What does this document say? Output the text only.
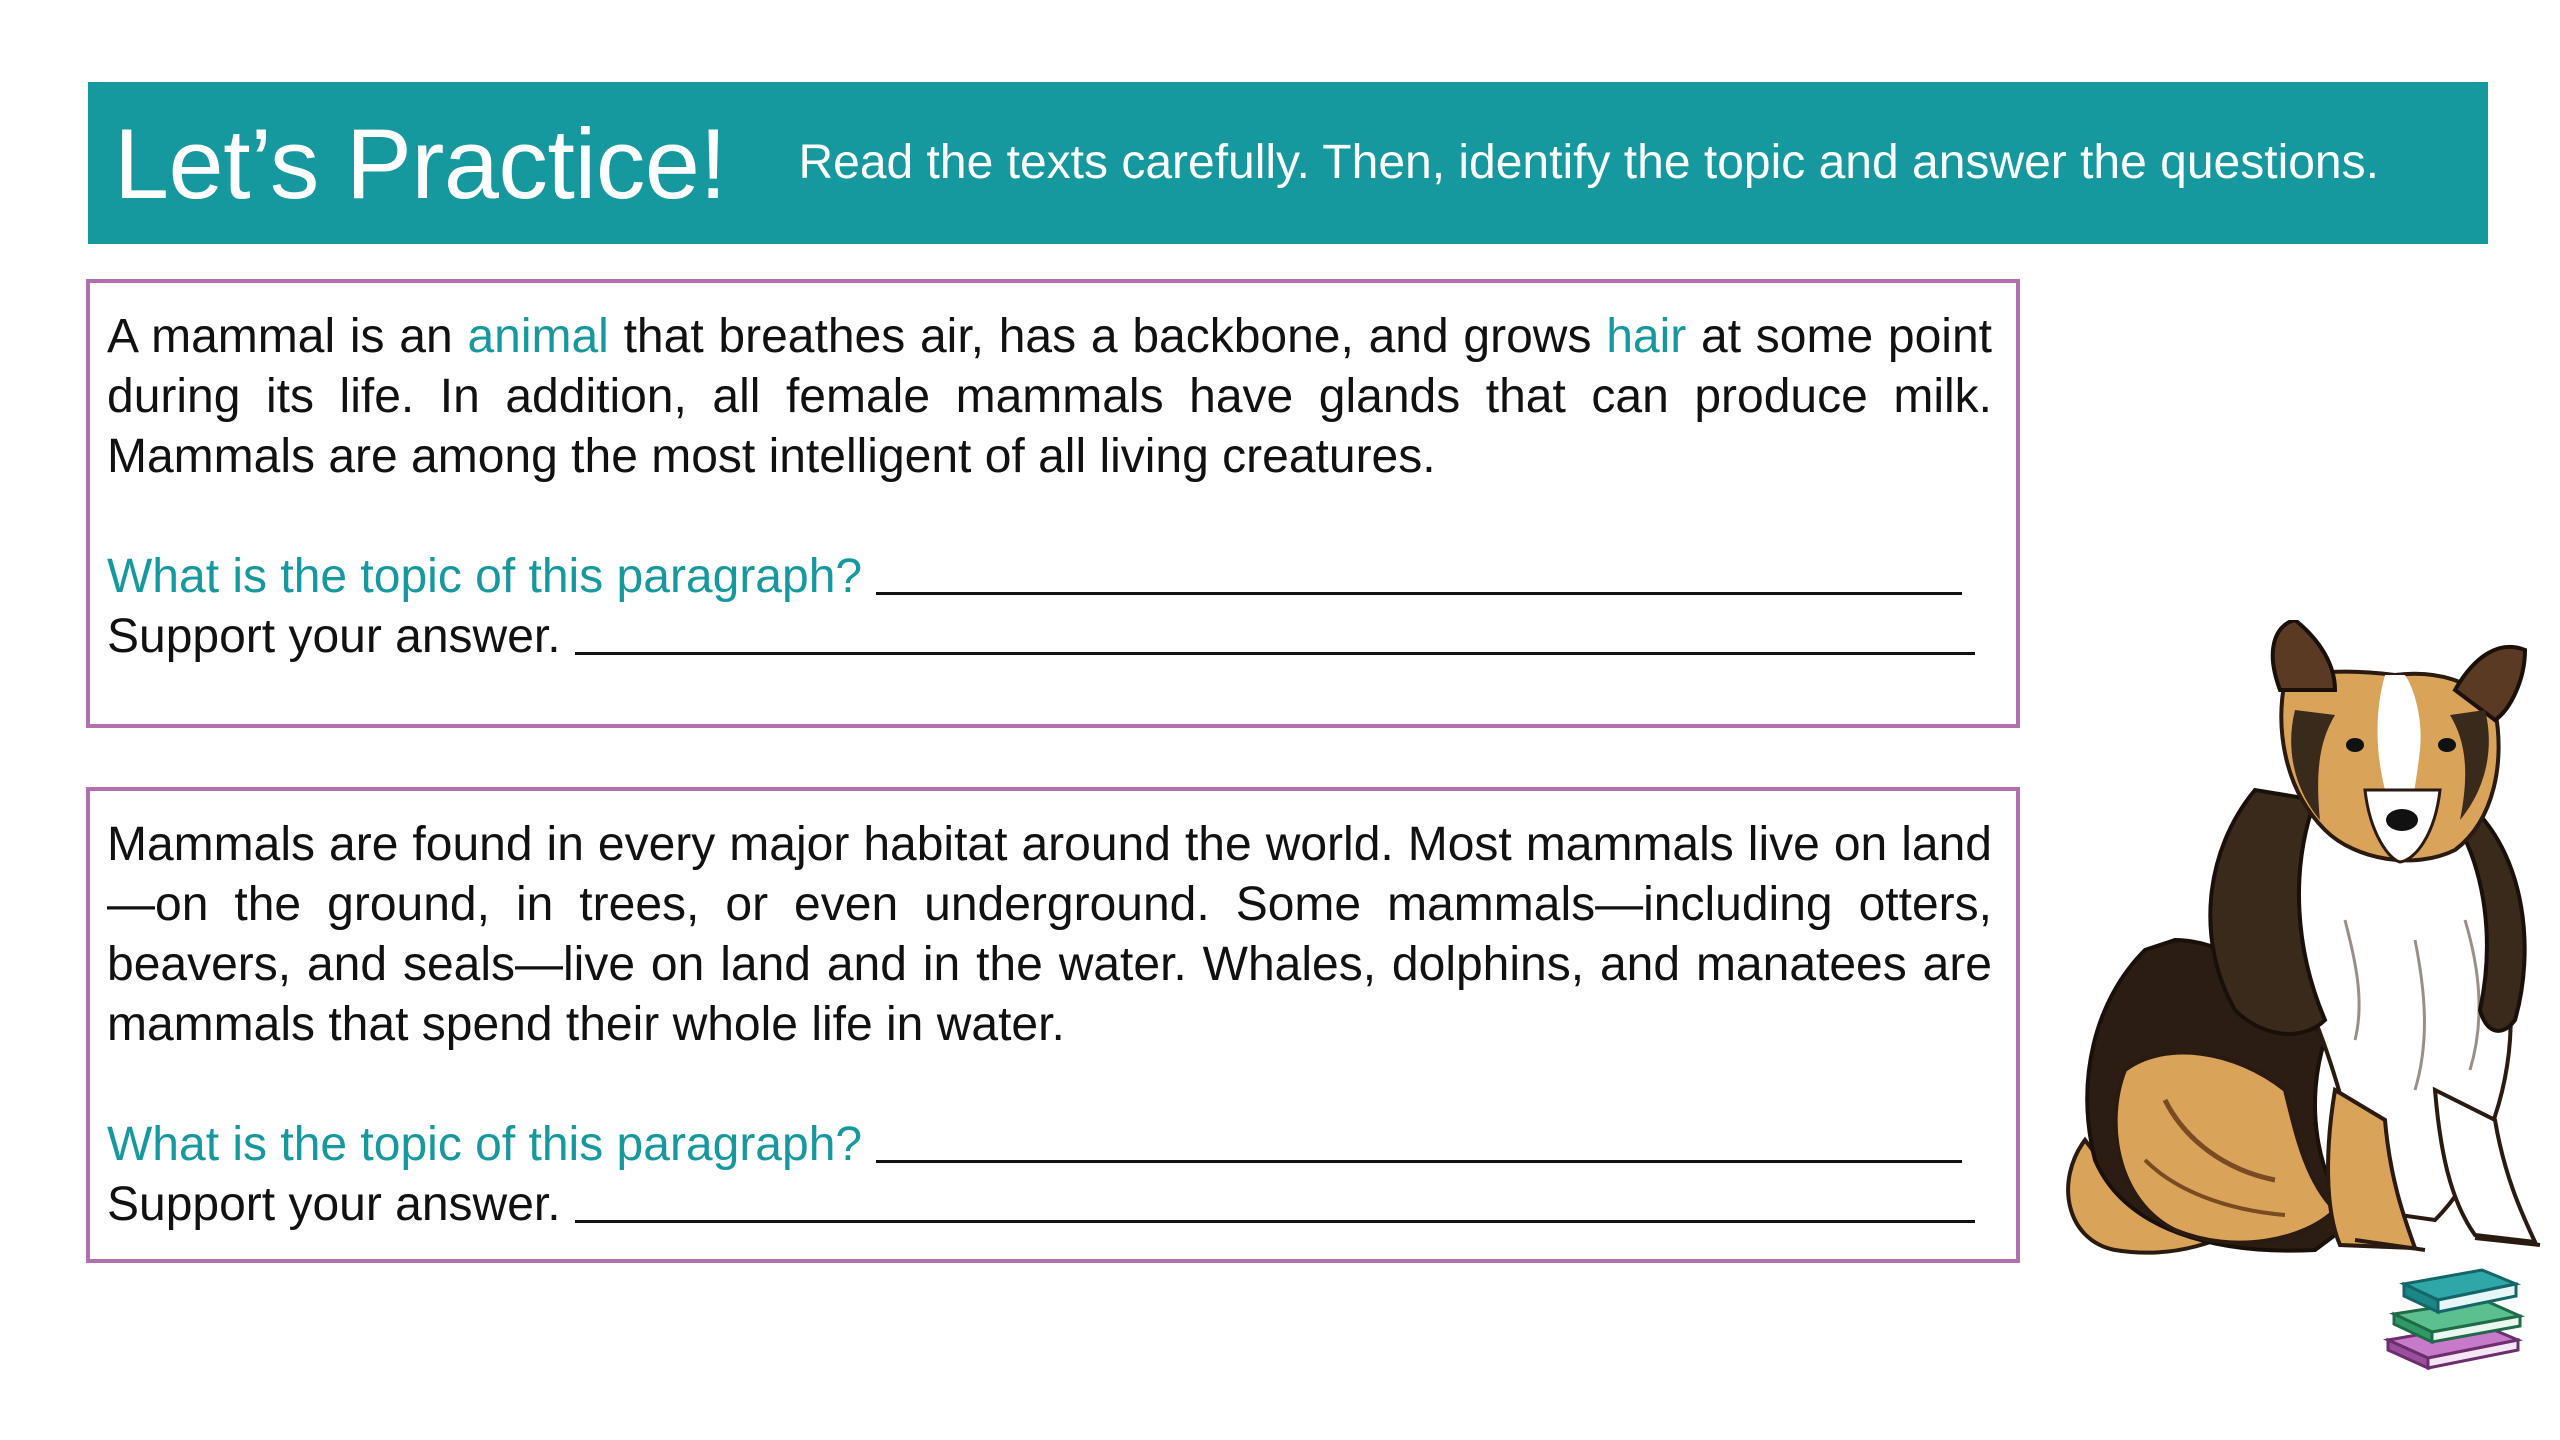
Let’s Practice! Read the texts carefully. Then, identify the topic and answer the questions.

A mammal is an animal that breathes air, has a backbone, and grows hair at some point during its life. In addition, all female mammals have glands that can produce milk. Mammals are among the most intelligent of all living creatures.

What is the topic of this paragraph?
Support your answer.

Mammals are found in every major habitat around the world. Most mammals live on land—on the ground, in trees, or even underground. Some mammals—including otters, beavers, and seals—live on land and in the water. Whales, dolphins, and manatees are mammals that spend their whole life in water.

What is the topic of this paragraph?
Support your answer.
